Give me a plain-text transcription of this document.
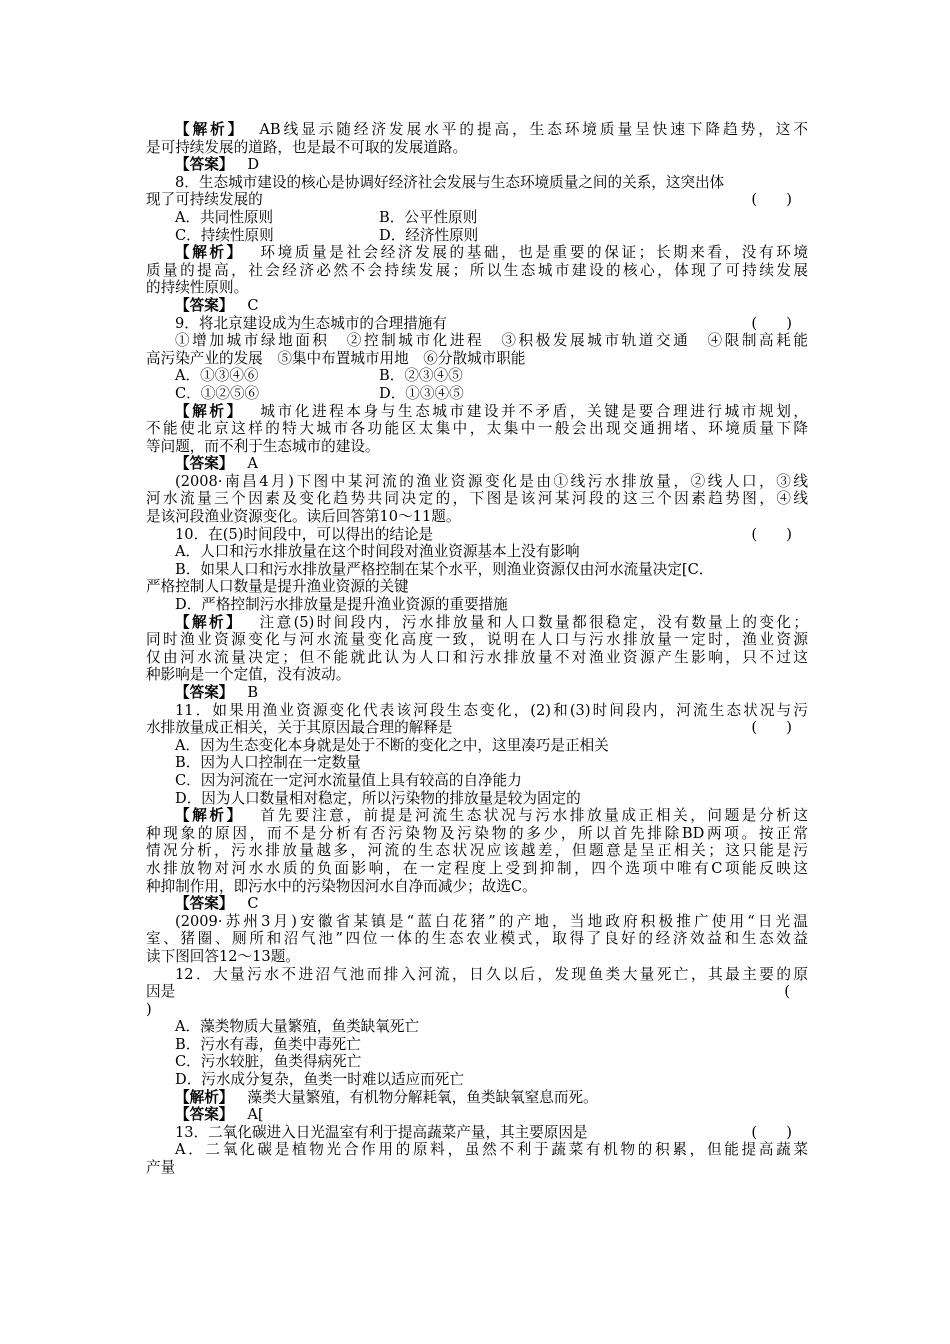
【解析】 AB线显示随经济发展水平的提高，生态环境质量呈快速下降趋势，这不
是可持续发展的道路，也是最不可取的发展道路。
【答案】 D
8．生态城市建设的核心是协调好经济社会发展与生态环境质量之间的关系，这突出体
现了可持续发展的	(　　)
A．共同性原则	B．公平性原则
C．持续性原则	D．经济性原则
【解析】 环境质量是社会经济发展的基础，也是重要的保证；长期来看，没有环境
质量的提高，社会经济必然不会持续发展；所以生态城市建设的核心，体现了可持续发展
的持续性原则。
【答案】 C
9．将北京建设成为生态城市的合理措施有	(　　)
①增加城市绿地面积　②控制城市化进程　③积极发展城市轨道交通　④限制高耗能
高污染产业的发展　⑤集中布置城市用地　⑥分散城市职能
A．①③④⑥	B．②③④⑤
C．①②⑤⑥	D．①③④⑤
【解析】 城市化进程本身与生态城市建设并不矛盾，关键是要合理进行城市规划，
不能使北京这样的特大城市各功能区太集中，太集中一般会出现交通拥堵、环境质量下降
等问题，而不利于生态城市的建设。
【答案】 A
(2008·南昌4月)下图中某河流的渔业资源变化是由①线污水排放量，②线人口，③线
河水流量三个因素及变化趋势共同决定的，下图是该河某河段的这三个因素趋势图，④线
是该河段渔业资源变化。读后回答第10～11题。
10．在(5)时间段中，可以得出的结论是	(　　)
A．人口和污水排放量在这个时间段对渔业资源基本上没有影响
B．如果人口和污水排放量严格控制在某个水平，则渔业资源仅由河水流量决定[C．
严格控制人口数量是提升渔业资源的关键
D．严格控制污水排放量是提升渔业资源的重要措施
【解析】 注意(5)时间段内，污水排放量和人口数量都很稳定，没有数量上的变化；
同时渔业资源变化与河水流量变化高度一致，说明在人口与污水排放量一定时，渔业资源
仅由河水流量决定；但不能就此认为人口和污水排放量不对渔业资源产生影响，只不过这
种影响是一个定值，没有波动。
【答案】 B
11．如果用渔业资源变化代表该河段生态变化，(2)和(3)时间段内，河流生态状况与污
水排放量成正相关，关于其原因最合理的解释是	(　　)
A．因为生态变化本身就是处于不断的变化之中，这里凑巧是正相关
B．因为人口控制在一定数量
C．因为河流在一定河水流量值上具有较高的自净能力
D．因为人口数量相对稳定，所以污染物的排放量是较为固定的
【解析】 首先要注意，前提是河流生态状况与污水排放量成正相关，问题是分析这
种现象的原因，而不是分析有否污染物及污染物的多少，所以首先排除BD两项。按正常
情况分析，污水排放量越多，河流的生态状况应该越差，但题意是呈正相关；这只能是污
水排放物对河水水质的负面影响，在一定程度上受到抑制，四个选项中唯有C项能反映这
种抑制作用，即污水中的污染物因河水自净而减少；故选C。
【答案】 C
(2009·苏州3月)安徽省某镇是“蓝白花猪”的产地，当地政府积极推广使用“日光温
室、猪圈、厕所和沼气池”四位一体的生态农业模式，取得了良好的经济效益和生态效益
读下图回答12～13题。
12．大量污水不进沼气池而排入河流，日久以后，发现鱼类大量死亡，其最主要的原
因是	(
)
A．藻类物质大量繁殖，鱼类缺氧死亡
B．污水有毒，鱼类中毒死亡
C．污水较脏，鱼类得病死亡
D．污水成分复杂，鱼类一时难以适应而死亡
【解析】 藻类大量繁殖，有机物分解耗氧，鱼类缺氧窒息而死。
【答案】 A[
13．二氧化碳进入日光温室有利于提高蔬菜产量，其主要原因是	(　　)
A．二氧化碳是植物光合作用的原料，虽然不利于蔬菜有机物的积累，但能提高蔬菜
产量
